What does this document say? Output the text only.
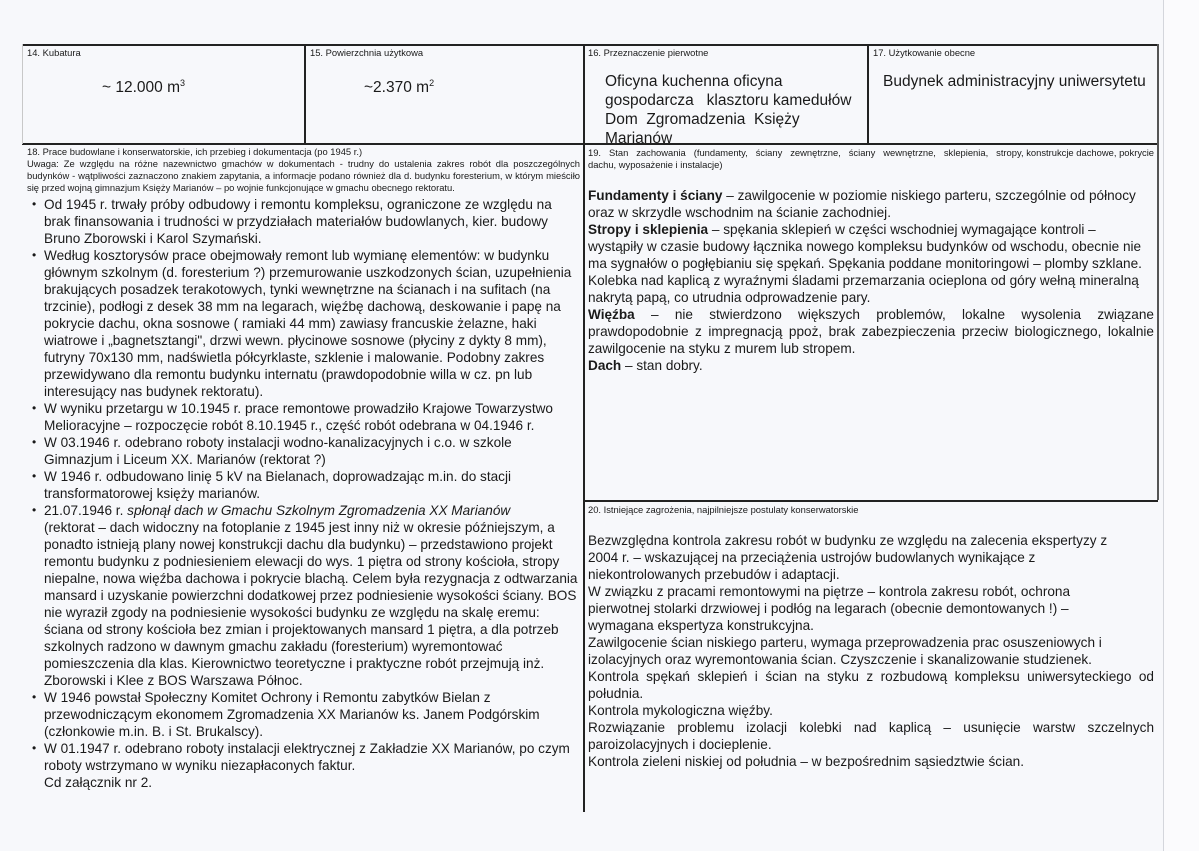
14. Kubatura
~ 12.000 $m^3$
15. Powierzchnia użytkowa
~2.370 $m^2$
16. Przeznaczenie pierwotne
Oficyna kuchenna oficyna
gospodarcza   klasztoru kamedułów
Dom  Zgromadzenia  Księży
Marianów
17. Użytkowanie obecne
Budynek administracyjny uniwersytetu
18. Prace budowlane i konserwatorskie, ich przebieg i dokumentacja (po 1945 r.)
Uwaga: Ze względu na różne nazewnictwo gmachów w dokumentach - trudny do ustalenia zakres robót dla poszczególnych budynków - wątpliwości zaznaczono znakiem zapytania, a informacje podano również dla d. budynku foresterium, w którym mieściło się przed wojną gimnazjum Księży Marianów – po wojnie funkcjonujące w gmachu obecnego rektoratu.
• Od 1945 r. trwały próby odbudowy i remontu kompleksu, ograniczone ze względu na brak finansowania i trudności w przydziałach materiałów budowlanych, kier. budowy Bruno Zborowski i Karol Szymański.
• Według kosztorysów prace obejmowały remont lub wymianę elementów: w budynku głównym szkolnym (d. foresterium ?) przemurowanie uszkodzonych ścian, uzupełnienia brakujących posadzek terakotowych, tynki wewnętrzne na ścianach i na sufitach (na trzcinie), podłogi z desek 38 mm na legarach, więźbę dachową, deskowanie i papę na pokrycie dachu, okna sosnowe ( ramiaki 44 mm) zawiasy francuskie żelazne, haki wiatrowe i „bagnetsztangi", drzwi wewn. płycinowe sosnowe (płyciny z dykty 8 mm), futryny 70x130 mm, nadświetla półcyrklaste, szklenie i malowanie. Podobny zakres przewidywano dla remontu budynku internatu (prawdopodobnie willa w cz. pn lub interesujący nas budynek rektoratu).
• W wyniku przetargu w 10.1945 r. prace remontowe prowadziło Krajowe Towarzystwo Melioracyjne – rozpoczęcie robót 8.10.1945 r., część robót odebrana w 04.1946 r.
• W 03.1946 r. odebrano roboty instalacji wodno-kanalizacyjnych i c.o. w szkole Gimnazjum i Liceum XX. Marianów (rektorat ?)
• W 1946 r. odbudowano linię 5 kV na Bielanach, doprowadzając m.in. do stacji transformatorowej księży marianów.
• 21.07.1946 r. spłonął dach w Gmachu Szkolnym Zgromadzenia XX Marianów
(rektorat – dach widoczny na fotoplanie z 1945 jest inny niż w okresie późniejszym, a ponadto istnieją plany nowej konstrukcji dachu dla budynku) – przedstawiono projekt remontu budynku z podniesieniem elewacji do wys. 1 piętra od strony kościoła, stropy niepalne, nowa więźba dachowa i pokrycie blachą. Celem była rezygnacja z odtwarzania mansard i uzyskanie powierzchni dodatkowej przez podniesienie wysokości ściany. BOS nie wyraził zgody na podniesienie wysokości budynku ze względu na skalę eremu: ściana od strony kościoła bez zmian i projektowanych mansard 1 piętra, a dla potrzeb szkolnych radzono w dawnym gmachu zakładu (foresterium) wyremontować pomieszczenia dla klas. Kierownictwo teoretyczne i praktyczne robót przejmują inż. Zborowski i Klee z BOS Warszawa Północ.
• W 1946 powstał Społeczny Komitet Ochrony i Remontu zabytków Bielan z przewodniczącym ekonomem Zgromadzenia XX Marianów ks. Janem Podgórskim (członkowie m.in. B. i St. Brukalscy).
• W 01.1947 r. odebrano roboty instalacji elektrycznej z Zakładzie XX Marianów, po czym roboty wstrzymano w wyniku niezapłaconych faktur.
Cd załącznik nr 2.
19.   Stan   zachowania   (fundamenty,   ściany   zewnętrzne,   ściany   wewnętrzne,   sklepienia,   stropy, konstrukcje dachowe, pokrycie dachu, wyposażenie i instalacje)

Fundamenty i ściany – zawilgocenie w poziomie niskiego parteru, szczególnie od północy oraz w skrzydle wschodnim na ścianie zachodniej.

Stropy i sklepienia – spękania sklepień w części wschodniej wymagające kontroli – wystąpiły w czasie budowy łącznika nowego kompleksu budynków od wschodu, obecnie nie ma sygnałów o pogłębianiu się spękań. Spękania poddane monitoringowi – plomby szklane. Kolebka nad kaplicą z wyraźnymi śladami przemarzania ocieplona od góry wełną mineralną nakrytą papą, co utrudnia odprowadzenie pary.

Więźba – nie stwierdzono większych problemów, lokalne wysolenia związane prawdopodobnie z impregnacją ppoż, brak zabezpieczenia przeciw biologicznego, lokalnie zawilgocenie na styku z murem lub stropem.

Dach – stan dobry.

20. Istniejące zagrożenia, najpilniejsze postulaty konserwatorskie

Bezwzględna kontrola zakresu robót w budynku ze względu na zalecenia ekspertyzy z 2004 r. – wskazującej na przeciążenia ustrojów budowlanych wynikające z niekontrolowanych przebudów i adaptacji.

W związku z pracami remontowymi na piętrze – kontrola zakresu robót, ochrona pierwotnej stolarki drzwiowej i podłóg na legarach (obecnie demontowanych !) – wymagana ekspertyza konstrukcyjna.

Zawilgocenie ścian niskiego parteru, wymaga przeprowadzenia prac osuszeniowych i izolacyjnych oraz wyremontowania ścian. Czyszczenie i skanalizowanie studzienek.

Kontrola spękań sklepień i ścian na styku z rozbudową kompleksu uniwersyteckiego od południa.

Kontrola mykologiczna więźby.

Rozwiązanie problemu izolacji kolebki nad kaplicą – usunięcie warstw szczelnych paroizolacyjnych i docieplenie.

Kontrola zieleni niskiej od południa – w bezpośrednim sąsiedztwie ścian.
